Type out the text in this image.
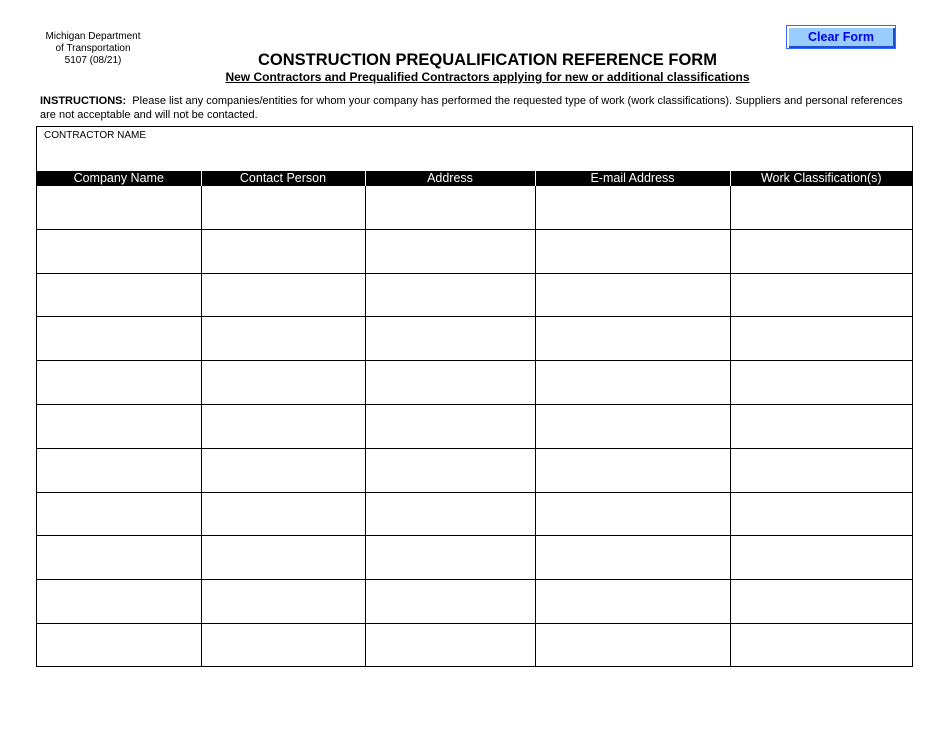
Michigan Department
of Transportation
5107 (08/21)	CONSTRUCTION PREQUALIFICATION REFERENCE FORM
New Contractors and Prequalified Contractors applying for new or additional classifications
Clear Form
INSTRUCTIONS: Please list any companies/entities for whom your company has performed the requested type of work (work classifications). Suppliers and personal references are not acceptable and will not be contacted.
CONTRACTOR NAME
Company Name	Contact Person	Address	E-mail Address	Work Classification(s)
